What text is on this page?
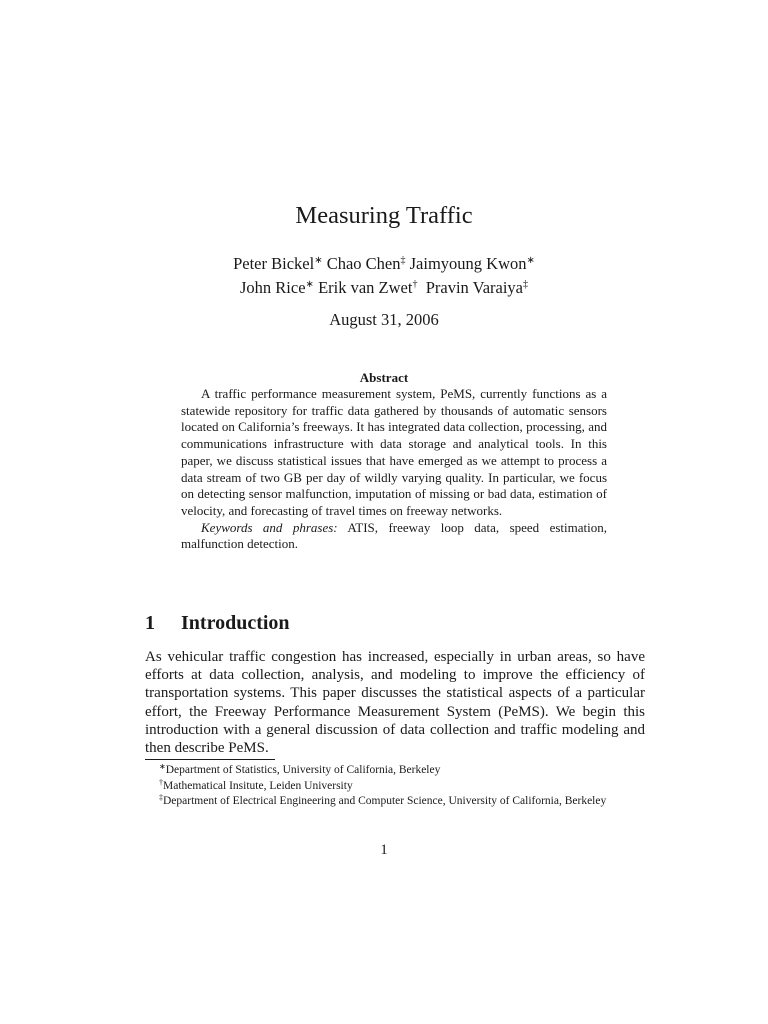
Measuring Traffic
Peter Bickel∗ Chao Chen‡ Jaimyoung Kwon∗
John Rice∗ Erik van Zwet† Pravin Varaiya‡
August 31, 2006
Abstract

A traffic performance measurement system, PeMS, currently functions as a statewide repository for traffic data gathered by thousands of automatic sensors located on California’s freeways. It has integrated data collection, processing, and communications infrastructure with data storage and analytical tools. In this paper, we discuss statistical issues that have emerged as we attempt to process a data stream of two GB per day of wildly varying quality. In particular, we focus on detecting sensor malfunction, imputation of missing or bad data, estimation of velocity, and forecasting of travel times on freeway networks.

Keywords and phrases: ATIS, freeway loop data, speed estimation, malfunction detection.

1 Introduction

As vehicular traffic congestion has increased, especially in urban areas, so have efforts at data collection, analysis, and modeling to improve the efficiency of transportation systems. This paper discusses the statistical aspects of a particular effort, the Freeway Performance Measurement System (PeMS). We begin this introduction with a general discussion of data collection and traffic modeling and then describe PeMS.

∗Department of Statistics, University of California, Berkeley

†Mathematical Insitute, Leiden University

‡Department of Electrical Engineering and Computer Science, University of California, Berkeley

1
